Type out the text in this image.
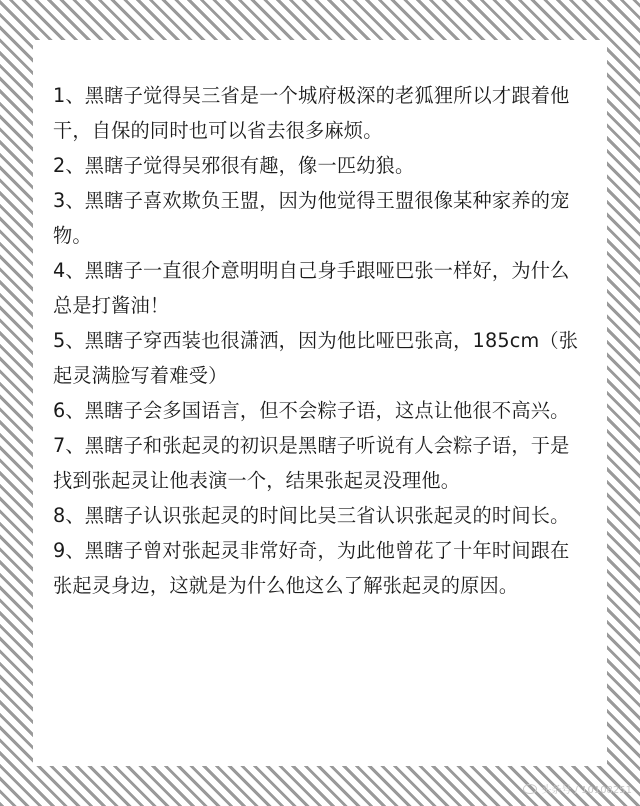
1、黑瞎子觉得吴三省是一个城府极深的老狐狸所以才跟着他干，自保的同时也可以省去很多麻烦。

2、黑瞎子觉得吴邪很有趣，像一匹幼狼。

3、黑瞎子喜欢欺负王盟，因为他觉得王盟很像某种家养的宠物。

4、黑瞎子一直很介意明明自己身手跟哑巴张一样好，为什么总是打酱油！

5、黑瞎子穿西装也很潇洒，因为他比哑巴张高，185cm（张起灵满脸写着难受）

6、黑瞎子会多国语言，但不会粽子语，这点让他很不高兴。

7、黑瞎子和张起灵的初识是黑瞎子听说有人会粽子语，于是找到张起灵让他表演一个，结果张起灵没理他。

8、黑瞎子认识张起灵的时间比吴三省认识张起灵的时间长。

9、黑瞎子曾对张起灵非常好奇，为此他曾花了十年时间跟在张起灵身边，这就是为什么他这么了解张起灵的原因。

头条号 / 10108251
